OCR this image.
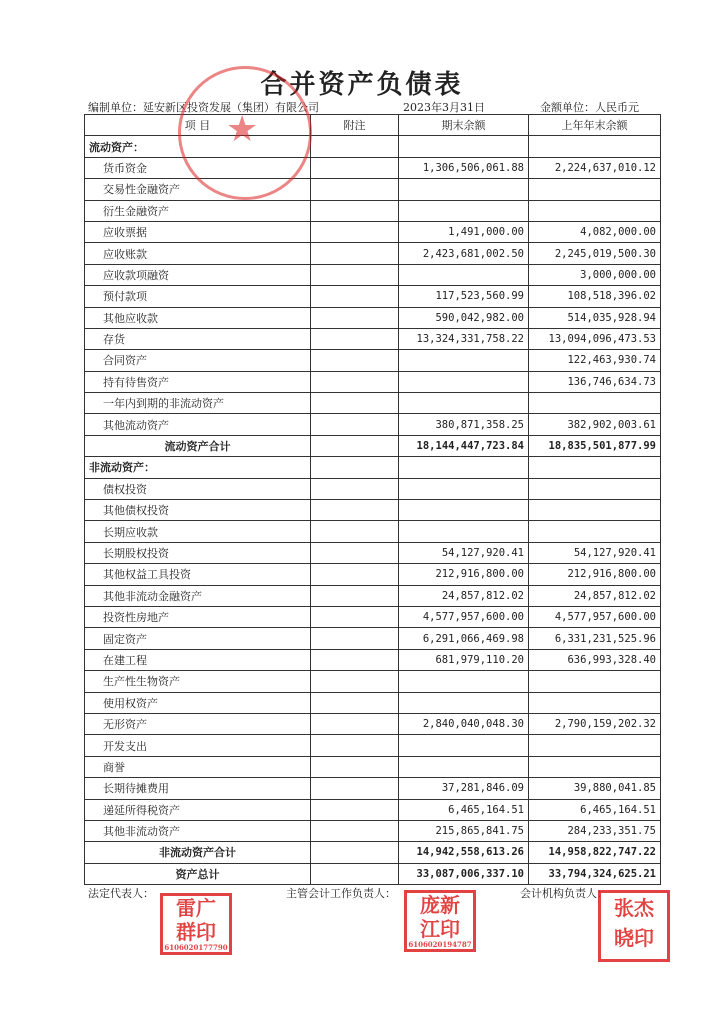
合并资产负债表
编制单位：延安新区投资发展（集团）有限公司	2023年3月31日	金额单位：人民币元
项 目	附注	期末余额	上年年末余额
流动资产：			
货币资金		1,306,506,061.88	2,224,637,010.12
交易性金融资产			
衍生金融资产			
应收票据		1,491,000.00	4,082,000.00
应收账款		2,423,681,002.50	2,245,019,500.30
应收款项融资			3,000,000.00
预付款项		117,523,560.99	108,518,396.02
其他应收款		590,042,982.00	514,035,928.94
存货		13,324,331,758.22	13,094,096,473.53
合同资产			122,463,930.74
持有待售资产			136,746,634.73
一年内到期的非流动资产			
其他流动资产		380,871,358.25	382,902,003.61
流动资产合计		18,144,447,723.84	18,835,501,877.99
非流动资产：			
债权投资			
其他债权投资			
长期应收款			
长期股权投资		54,127,920.41	54,127,920.41
其他权益工具投资		212,916,800.00	212,916,800.00
其他非流动金融资产		24,857,812.02	24,857,812.02
投资性房地产		4,577,957,600.00	4,577,957,600.00
固定资产		6,291,066,469.98	6,331,231,525.96
在建工程		681,979,110.20	636,993,328.40
生产性生物资产			
使用权资产			
无形资产		2,840,040,048.30	2,790,159,202.32
开发支出			
商誉			
长期待摊费用		37,281,846.09	39,880,041.85
递延所得税资产		6,465,164.51	6,465,164.51
其他非流动资产		215,865,841.75	284,233,351.75
非流动资产合计		14,942,558,613.26	14,958,822,747.22
资产总计		33,087,006,337.10	33,794,324,625.21
法定代表人：	主管会计工作负责人：	会计机构负责人：
★
雷广
群印
6106020177790
庞新
江印
6106020194787
张杰
晓印
